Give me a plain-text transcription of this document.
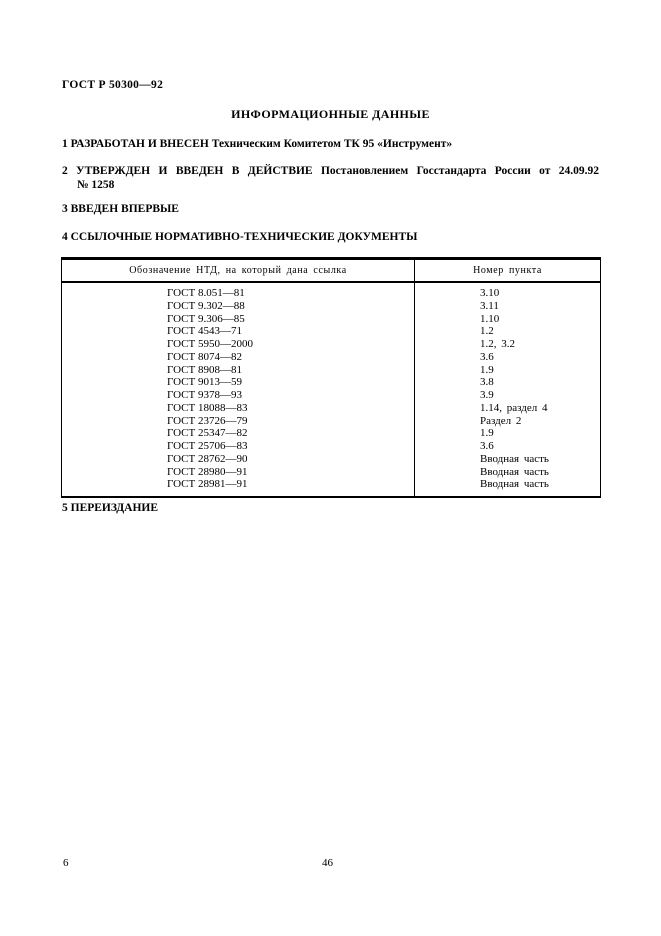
ГОСТ Р 50300—92
ИНФОРМАЦИОННЫЕ ДАННЫЕ
1 РАЗРАБОТАН И ВНЕСЕН Техническим Комитетом ТК 95 «Инструмент»
2 УТВЕРЖДЕН И ВВЕДЕН В ДЕЙСТВИЕ Постановлением Госстандарта России от 24.09.92
№ 1258
3 ВВЕДЕН ВПЕРВЫЕ
4 ССЫЛОЧНЫЕ НОРМАТИВНО-ТЕХНИЧЕСКИЕ ДОКУМЕНТЫ
Обозначение НТД, на который дана ссылка	Номер пункта
ГОСТ 8.051—81	3.10
ГОСТ 9.302—88	3.11
ГОСТ 9.306—85	1.10
ГОСТ 4543—71	1.2
ГОСТ 5950—2000	1.2, 3.2
ГОСТ 8074—82	3.6
ГОСТ 8908—81	1.9
ГОСТ 9013—59	3.8
ГОСТ 9378—93	3.9
ГОСТ 18088—83	1.14, раздел 4
ГОСТ 23726—79	Раздел 2
ГОСТ 25347—82	1.9
ГОСТ 25706—83	3.6
ГОСТ 28762—90	Вводная часть
ГОСТ 28980—91	Вводная часть
ГОСТ 28981—91	Вводная часть
5 ПЕРЕИЗДАНИЕ
6	46
